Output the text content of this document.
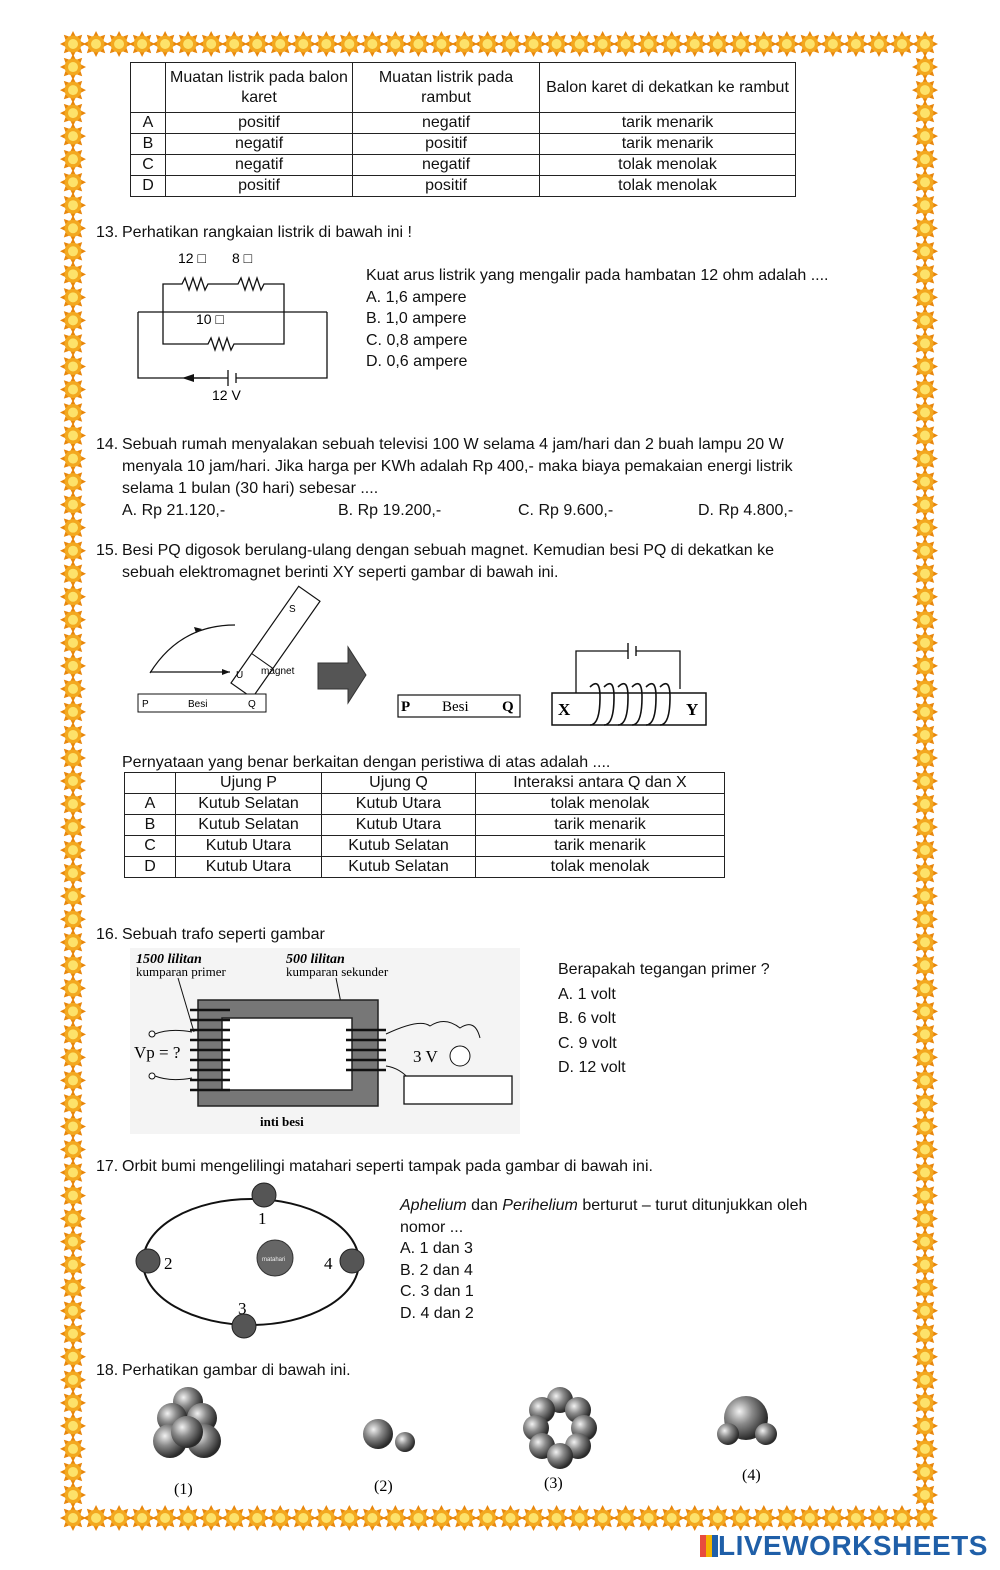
	Muatan listrik pada balon karet	Muatan listrik pada rambut	Balon karet di dekatkan ke rambut
A	positif	negatif	tarik menarik
B	negatif	positif	tarik menarik
C	negatif	negatif	tolak menolak
D	positif	positif	tolak menolak
13. Perhatikan rangkaian listrik di bawah ini !
12 □ 8 □
10 □
12 V
Kuat arus listrik yang mengalir pada hambatan 12 ohm adalah ....
A. 1,6 ampere
B. 1,0 ampere
C. 0,8 ampere
D. 0,6 ampere
14. Sebuah rumah menyalakan sebuah televisi 100 W selama 4 jam/hari dan 2 buah lampu 20 W
menyala 10 jam/hari. Jika harga per KWh adalah Rp 400,- maka biaya pemakaian energi listrik
selama 1 bulan (30 hari) sebesar ....
A. Rp 21.120,-	B. Rp 19.200,-	C. Rp 9.600,-	D. Rp 4.800,-
15. Besi PQ digosok berulang-ulang dengan sebuah magnet. Kemudian besi PQ di dekatkan ke
sebuah elektromagnet berinti XY seperti gambar di bawah ini.
S
U magnet
P	Besi	Q	P Besi Q	X	Y
Pernyataan yang benar berkaitan dengan peristiwa di atas adalah ....
	Ujung P	Ujung Q	Interaksi antara Q dan X
A	Kutub Selatan	Kutub Utara	tolak menolak
B	Kutub Selatan	Kutub Utara	tarik menarik
C	Kutub Utara	Kutub Selatan	tarik menarik
D	Kutub Utara	Kutub Selatan	tolak menolak
16. Sebuah trafo seperti gambar
1500 lilitan
kumparan primer
500 lilitan
kumparan sekunder
Vp = ?	3 V
inti besi
Berapakah tegangan primer ?
A. 1 volt
B. 6 volt
C. 9 volt
D. 12 volt
17. Orbit bumi mengelilingi matahari seperti tampak pada gambar di bawah ini.
matahari
1
2
3
4
Aphelium dan Perihelium berturut – turut ditunjukkan oleh
nomor ...
A. 1 dan 3
B. 2 dan 4
C. 3 dan 1
D. 4 dan 2
18. Perhatikan gambar di bawah ini.
(1)	(2)	(3)	(4)
LIVEWORKSHEETS
